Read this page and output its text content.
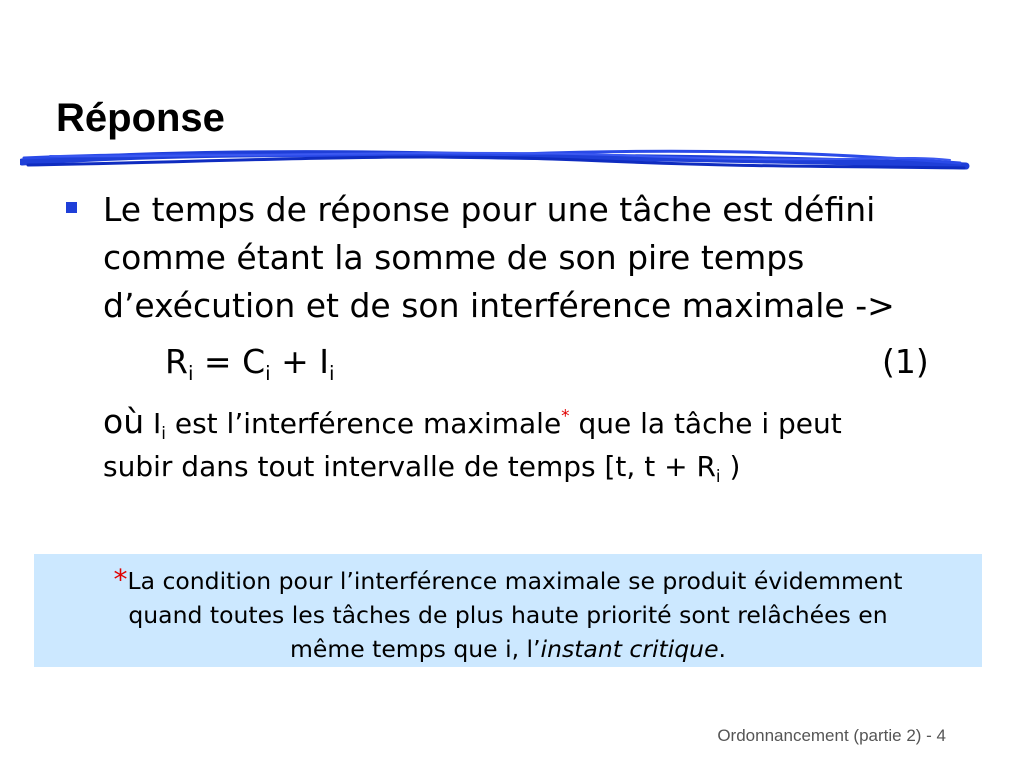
Réponse
Le temps de réponse pour une tâche est défini
comme étant la somme de son pire temps
d’exécution et de son interférence maximale ->
$R_i = C_i + I_i$	(1)
où $I_i$ est l’interférence maximale* que la tâche i peut
subir dans tout intervalle de temps [t, $t + R_i$ )
*La condition pour l’interférence maximale se produit évidemment
quand toutes les tâches de plus haute priorité sont relâchées en
même temps que i, l’instant critique.
Ordonnancement (partie 2) - 4
